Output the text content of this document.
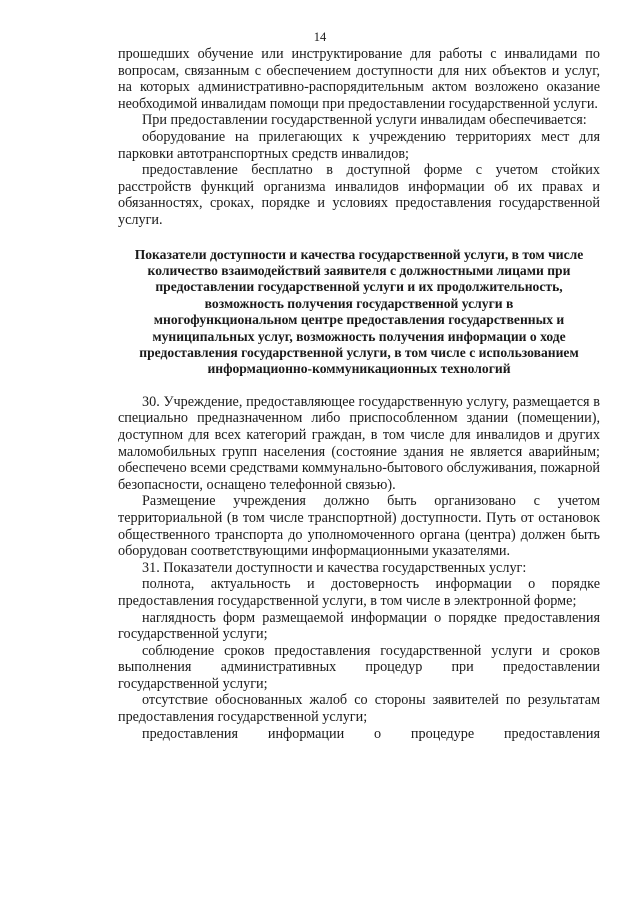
14

прошедших обучение или инструктирование для работы с инвалидами по вопросам, связанным с обеспечением доступности для них объектов и услуг, на которых административно-распорядительным актом возложено оказание необходимой инвалидам помощи при предоставлении государственной услуги.

При предоставлении государственной услуги инвалидам обеспечивается:

оборудование на прилегающих к учреждению территориях мест для парковки автотранспортных средств инвалидов;

предоставление бесплатно в доступной форме с учетом стойких расстройств функций организма инвалидов информации об их правах и обязанностях, сроках, порядке и условиях предоставления государственной услуги.

Показатели доступности и качества государственной услуги, в том числе количество взаимодействий заявителя с должностными лицами при предоставлении государственной услуги и их продолжительность, возможность получения государственной услуги в многофункциональном центре предоставления государственных и муниципальных услуг, возможность получения информации о ходе предоставления государственной услуги, в том числе с использованием информационно-коммуникационных технологий

30. Учреждение, предоставляющее государственную услугу, размещается в специально предназначенном либо приспособленном здании (помещении), доступном для всех категорий граждан, в том числе для инвалидов и других маломобильных групп населения (состояние здания не является аварийным; обеспечено всеми средствами коммунально-бытового обслуживания, пожарной безопасности, оснащено телефонной связью).

Размещение учреждения должно быть организовано с учетом территориальной (в том числе транспортной) доступности. Путь от остановок общественного транспорта до уполномоченного органа (центра) должен быть оборудован соответствующими информационными указателями.

31. Показатели доступности и качества государственных услуг:

полнота, актуальность и достоверность информации о порядке предоставления государственной услуги, в том числе в электронной форме;

наглядность форм размещаемой информации о порядке предоставления государственной услуги;

соблюдение сроков предоставления государственной услуги и сроков выполнения административных процедур при предоставлении государственной услуги;

отсутствие обоснованных жалоб со стороны заявителей по результатам предоставления государственной услуги;

предоставления информации о процедуре предоставления
